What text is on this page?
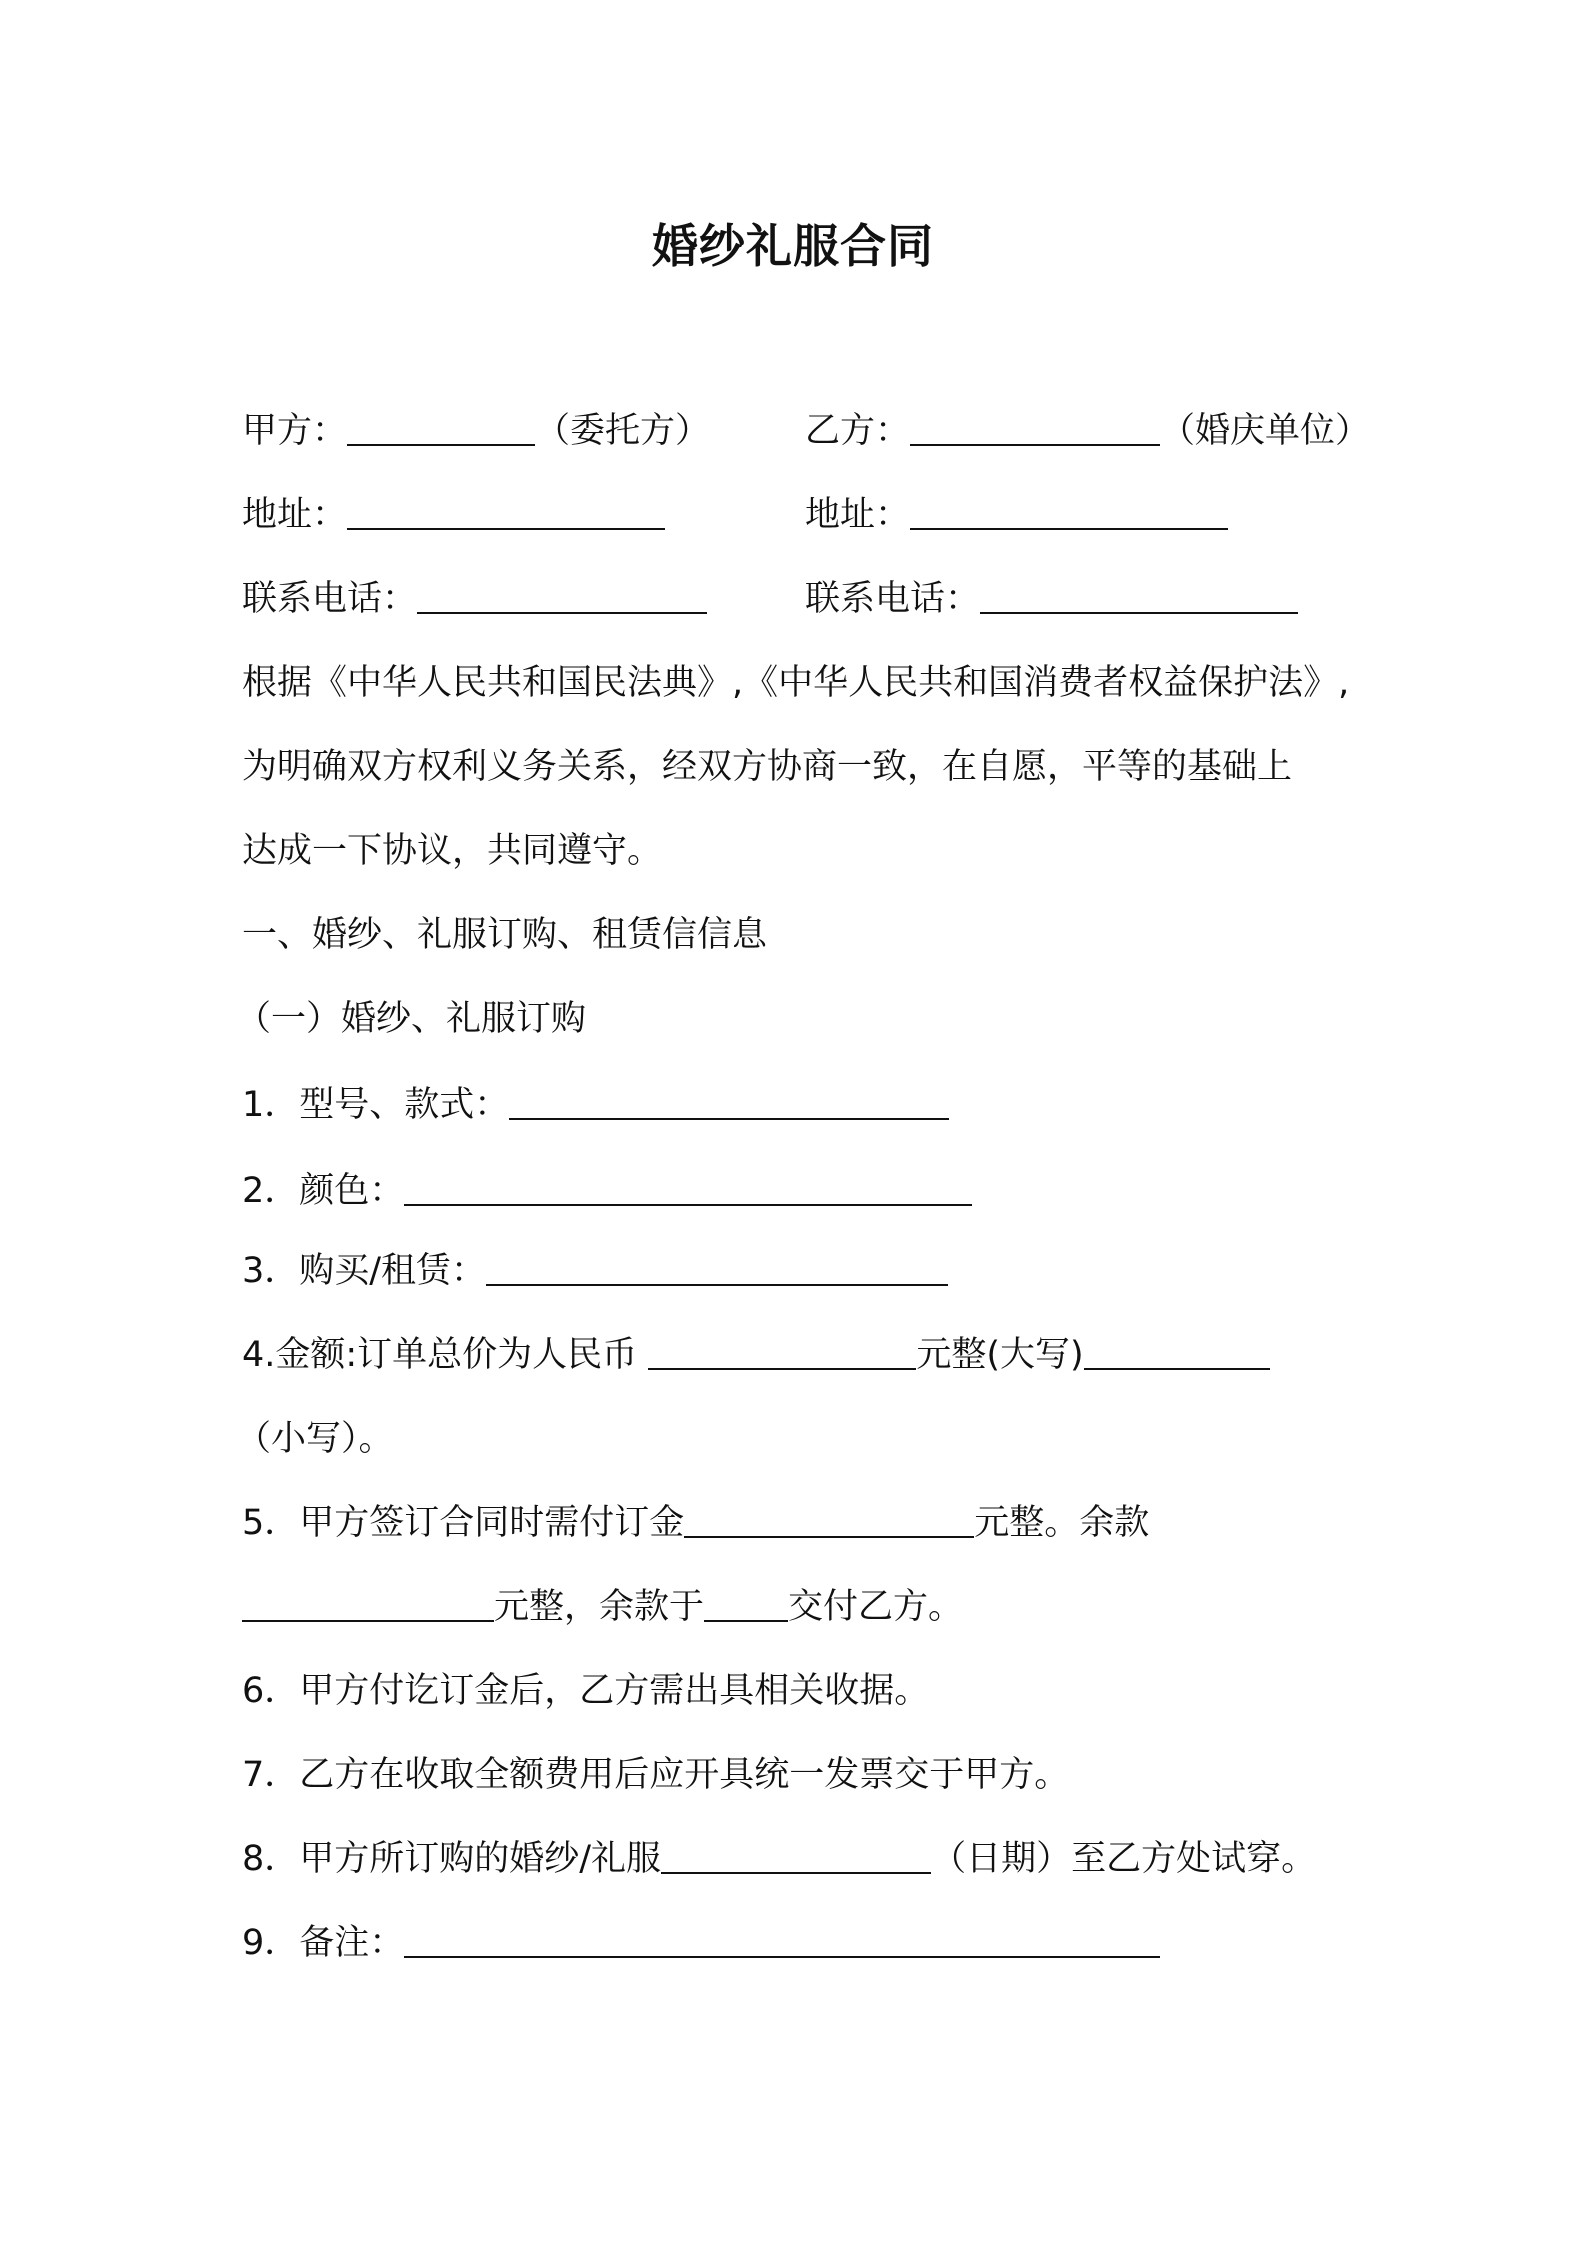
婚纱礼服合同
甲方：	（委托方）	乙方：	（婚庆单位）
地址：	地址：
联系电话：	联系电话：
根据《中华人民共和国民法典》,《中华人民共和国消费者权益保护法》,
为明确双方权利义务关系，经双方协商一致，在自愿，平等的基础上
达成一下协议，共同遵守。
一、婚纱、礼服订购、租赁信信息
（一）婚纱、礼服订购
1．型号、款式：
2．颜色：
3．购买/租赁：
4.金额:订单总价为人民币	元整(大写)
（小写）。
5．甲方签订合同时需付订金	元整。余款
元整，余款于 交付乙方。
6．甲方付讫订金后，乙方需出具相关收据。
7．乙方在收取全额费用后应开具统一发票交于甲方。
8．甲方所订购的婚纱/礼服	（日期）至乙方处试穿。
9．备注：
